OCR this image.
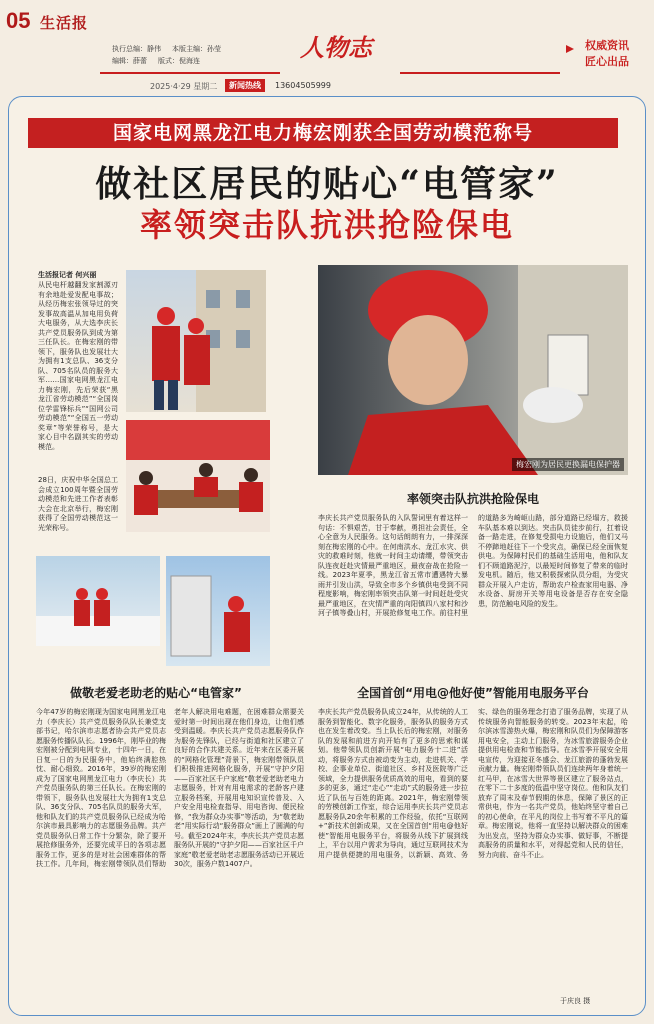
05 生活报
执行总编：静伟 本版主编：孙莹
编辑：薛蕾 版式：倪海连	人物志	权威资讯
匠心出品
2025·4·29 星期二	新闻热线	13604505999
国家电网黑龙江电力梅宏刚获全国劳动模范称号
做社区居民的贴心“电管家”
率领突击队抗洪抢险保电
生活报记者 何兴丽
从民电杆越翻发家割源刃有余地赴爱发配电事故；从经历梅宏张领导过的突发事故高温从加电用负荷大电服务，从大选李庆长共产党员服务队到成为第三任队长。在梅宏刚的带领下，服务队也发展壮大为拥有1支总队、36支分队、705名队员的服务大军……国家电网黑龙江电力梅宏刚，先后荣获“黑龙江省劳动模范”“全国岗位学雷锋标兵”“国网公司劳动模范”“全国五一劳动奖章”等荣誉称号，是大家心目中名副其实的劳动模范。
28日，庆祝中华全国总工会成立100周年暨全国劳动模范和先进工作者表彰大会在北京举行，梅宏刚获得了全国劳动模范这一光荣称号。
梅宏刚为居民更换漏电保护器
率领突击队抗洪抢险保电
李庆长共产党员服务队的入队誓词里有着这样一句话：不惧艰苦，甘于奉献，勇担社会责任，全心全意为人民服务。这句话朗朗有力，一排深深刻在梅宏刚的心中。在何南洪水、龙江水灾、供灾的救难时刻，他就一时间主动请缨，带领突击队连夜赶赴灾情最严重地区，最夜奋战在抢险一线。2023年夏季，黑龙江省五常市遭遇特大暴雨并引发山洪，导致全市多个乡镇供电受到不同程度影响，梅宏刚率领突击队第一时间赶赴受灾最严重地区，在灾情严重的向阳镇四八家村和沙河子镇等叠山村，开展抢修复电工作。前往村里的道路多为崎岖山路，部分道路已经塌方，救援车队基本难以到达。突击队员徒步前行，扛着设备一路走进，在修复受损电力设施后，他们又马不停蹄地赶往下一个受灾点，确保已经全面恢复供电。为保障村民们的基础生活用电，他和队友们不顾道路泥泞，以最短时间修复了带来的临时发电机。随后，他又积极探索队员分组，为受灾群众开展入户走访，帮助农户检查家用电器、净水设备、厨房开关等用电设备是否存在安全隐患，防范触电风险的发生。
做敬老爱老助老的贴心“电管家”
今年47岁的梅宏刚现为国家电网黑龙江电力（李庆长）共产党员服务队队长兼党支部书记，哈尔滨市志愿者协会共产党员志愿服务传播队队长。1996年，刚毕业的梅宏刚被分配到电网专业，十四年一日，在日复一日的为民服务中，他始终满腔热忱、耐心细致。2016年，39岁的梅宏刚成为了国家电网黑龙江电力（李庆长）共产党员服务队的第三任队长。在梅宏刚的带领下，服务队也发展壮大为拥有1支总队、36支分队、705名队员的服务大军，他和队友们的共产党员服务队已经成为哈尔滨市最具影响力的志愿服务品牌。共产党员服务队日常工作十分繁杂，除了要开展抢修服务外，还要完成平日的各项志愿服务工作，更多的是对社会困难群体的帮扶工作。几年间，梅宏刚带领队员们帮助老年人解决用电难题，在困难群众需要关爱时第一时间出现在他们身边，让他们感受到温暖。李庆长共产党员志愿服务队作为服务先锋队，已经与街道和社区建立了良好的合作共建关系。近年来在区委开展的“网格化管理”背景下，梅宏刚带领队员们积极推进网格化服务，开展“守护夕阳——百家社区千户家庭”敬老爱老助老电力志愿服务，针对有用电需求的老龄客户建立服务档案，开展用电知识宣传普及、入户安全用电检查指导、用电咨询、便民检修，“我为群众办实事”等活动，为“敬老助老”用实际行动“服务群众”画上了圆满的句号。截至2024年末，李庆长共产党员志愿服务队开展的“守护夕阳——百家社区千户家庭”敬老爱老助老志愿服务活动已开展近30次，服务户数1407户。
全国首创“用电@他好使”智能用电服务平台
李庆长共产党员服务队成立24年，从传统的人工服务到智能化、数字化服务，服务队的服务方式也在发生着改变。当上队长后的梅宏刚，对服务队的发展和前进方向开始有了更多的思索和谋划。他带领队员创新开展“电力服务十二进”活动，将服务方式由被动变为主动，走进机关、学校、企事业单位、街道社区、乡村及医院等广泛领域，全力提供服务优质高效的用电，看到的要多的更多，通过“走心”“走动”式的服务进一步拉近了队伍与百姓的距离。2021年，梅宏刚带领的劳模创新工作室，综合运用李庆长共产党员志愿服务队20余年积累的工作经验，依托“互联网+”新技术创新成果，又在全国首创“用电@他好使”智能用电服务平台，将服务从线下扩展到线上，平台以用户需求为导向，通过互联网技术为用户提供便捷的用电服务，以新颖、高效、务实、绿色的服务理念打造了服务品牌，实现了从传统服务向智能服务的转变。2023年末起，哈尔滨冰雪游热火爆，梅宏刚和队员们为保障游客用电安全，主动上门服务，为冰雪旅游服务企业提供用电检查和节能指导。在冰雪季开展安全用电宣传，为迎接亚冬盛会、龙江旅游的蓬勃发展贡献力量。梅宏刚带领队员们连续两年身着统一红马甲，在冰雪大世界等景区建立了服务站点，在零下二十多度的低温中坚守岗位。他和队友们放弃了周末及春节假期的休息，保障了景区的正常供电，作为一名共产党员，他始终坚守着自己的初心使命，在平凡的岗位上书写着不平凡的篇章。梅宏刚说，他将一直坚持以解决群众的困难为出发点，坚持为群众办实事、做好事，不断提高服务的质量和水平，对得起党和人民的信任，努力向前、奋斗不止。
于庆良 摄
